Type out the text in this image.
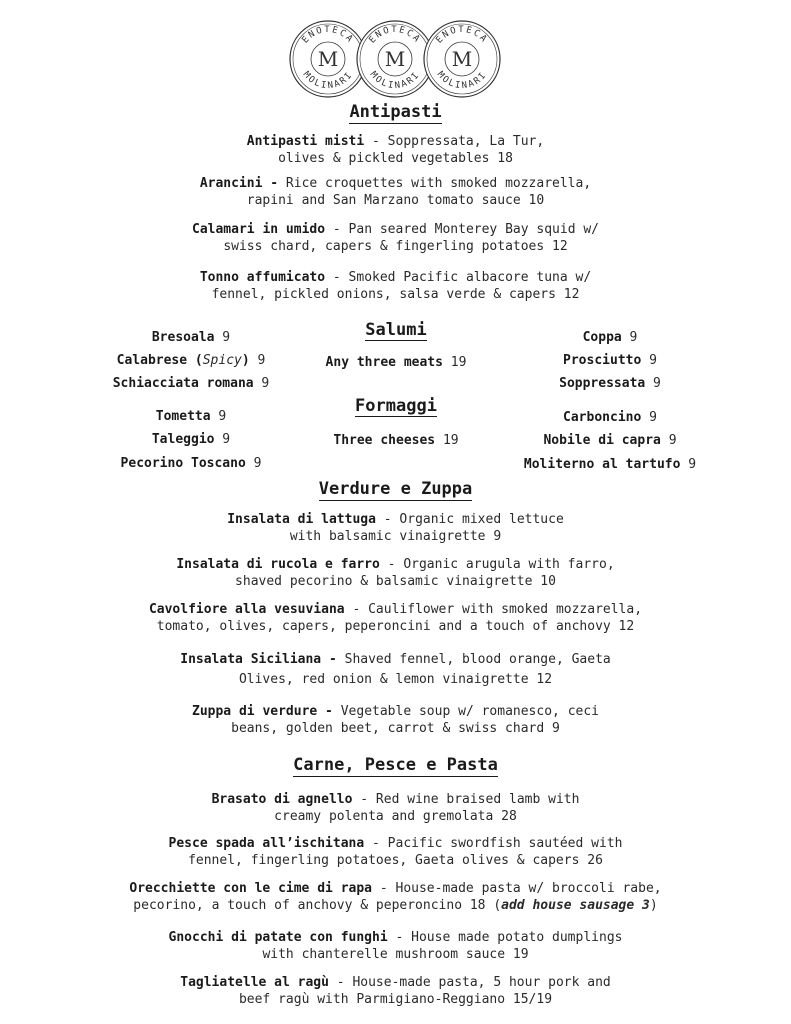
ENOTECA
MOLINARI
M
ENOTECA
MOLINARI
M
ENOTECA
MOLINARI
M
Antipasti
Antipasti misti - Soppressata, La Tur,
olives & pickled vegetables 18
Arancini - Rice croquettes with smoked mozzarella,
rapini and San Marzano tomato sauce 10
Calamari in umido - Pan seared Monterey Bay squid w/
swiss chard, capers & fingerling potatoes 12
Tonno affumicato - Smoked Pacific albacore tuna w/
fennel, pickled onions, salsa verde & capers 12
Salumi
Any three meats 19
Bresoala 9
Calabrese (Spicy) 9
Schiacciata romana 9
Coppa 9
Prosciutto 9
Soppressata 9
Formaggi
Three cheeses 19
Tometta 9
Taleggio 9
Pecorino Toscano 9
Carboncino 9
Nobile di capra 9
Moliterno al tartufo 9
Verdure e Zuppa
Insalata di lattuga - Organic mixed lettuce
with balsamic vinaigrette 9
Insalata di rucola e farro - Organic arugula with farro,
shaved pecorino & balsamic vinaigrette 10
Cavolfiore alla vesuviana - Cauliflower with smoked mozzarella,
tomato, olives, capers, peperoncini and a touch of anchovy 12
Insalata Siciliana - Shaved fennel, blood orange, Gaeta
Olives, red onion & lemon vinaigrette 12
Zuppa di verdure - Vegetable soup w/ romanesco, ceci
beans, golden beet, carrot & swiss chard 9
Carne, Pesce e Pasta
Brasato di agnello - Red wine braised lamb with
creamy polenta and gremolata 28
Pesce spada all’ischitana - Pacific swordfish sautéed with
fennel, fingerling potatoes, Gaeta olives & capers 26
Orecchiette con le cime di rapa - House-made pasta w/ broccoli rabe,
pecorino, a touch of anchovy & peperoncino 18 (add house sausage 3)
Gnocchi di patate con funghi - House made potato dumplings
with chanterelle mushroom sauce 19
Tagliatelle al ragù - House-made pasta, 5 hour pork and
beef ragù with Parmigiano-Reggiano 15/19
